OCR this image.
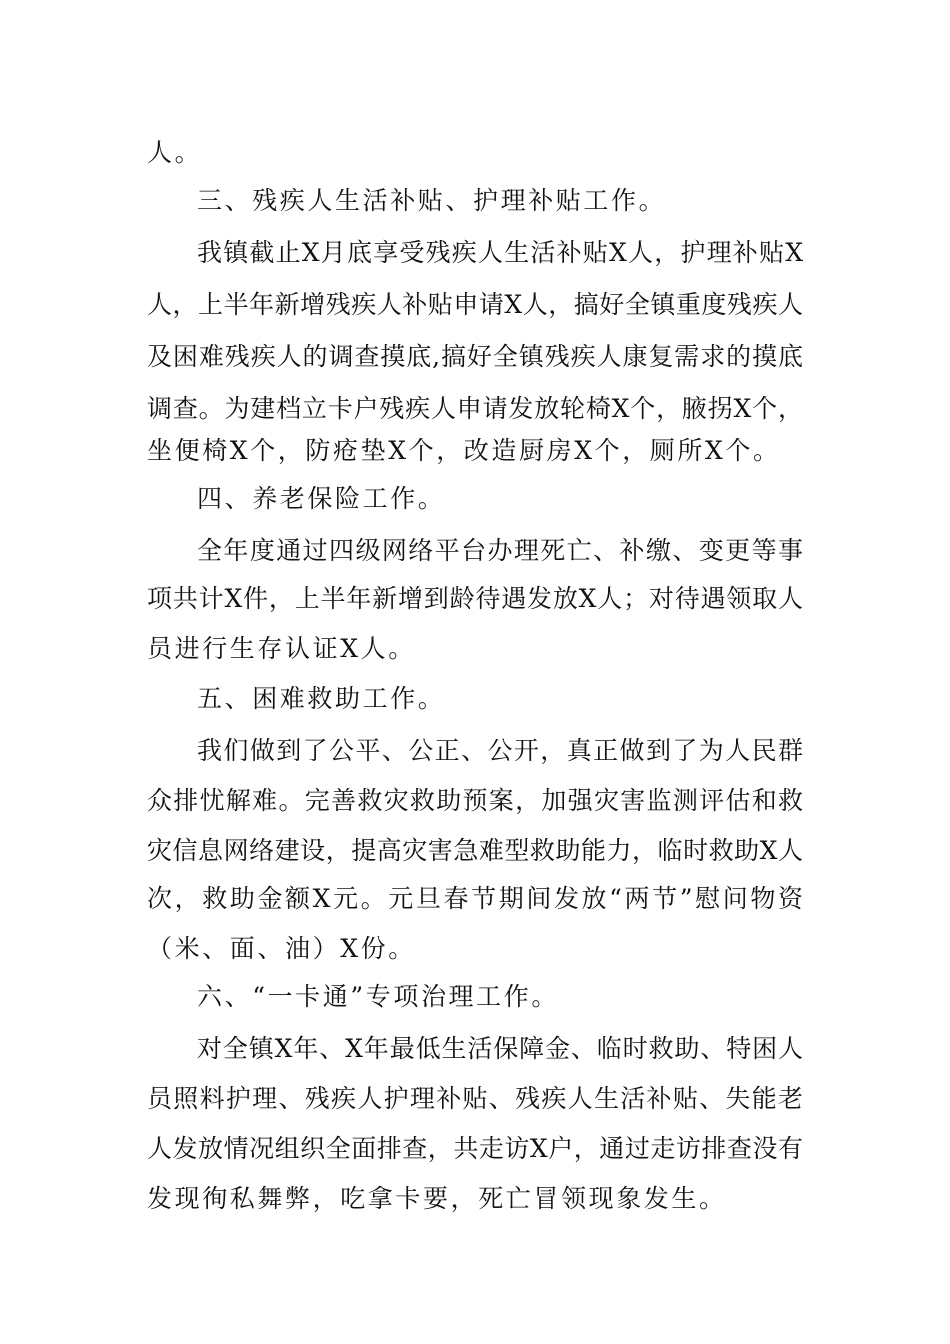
人。

三、残疾人生活补贴、护理补贴工作。

我镇截止X月底享受残疾人生活补贴X人，护理补贴X

人，上半年新增残疾人补贴申请X人，搞好全镇重度残疾人

及困难残疾人的调查摸底,搞好全镇残疾人康复需求的摸底

调查。为建档立卡户残疾人申请发放轮椅X个，腋拐X个，

坐便椅X个，防疮垫X个，改造厨房X个，厕所X个。

四、养老保险工作。

全年度通过四级网络平台办理死亡、补缴、变更等事

项共计X件，上半年新增到龄待遇发放X人；对待遇领取人

员进行生存认证X人。

五、困难救助工作。

我们做到了公平、公正、公开，真正做到了为人民群

众排忧解难。完善救灾救助预案，加强灾害监测评估和救

灾信息网络建设，提高灾害急难型救助能力，临时救助X人

次，救助金额X元。元旦春节期间发放“两节”慰问物资

（米、面、油）X份。

六、“一卡通”专项治理工作。

对全镇X年、X年最低生活保障金、临时救助、特困人

员照料护理、残疾人护理补贴、残疾人生活补贴、失能老

人发放情况组织全面排查，共走访X户，通过走访排查没有

发现徇私舞弊，吃拿卡要，死亡冒领现象发生。
